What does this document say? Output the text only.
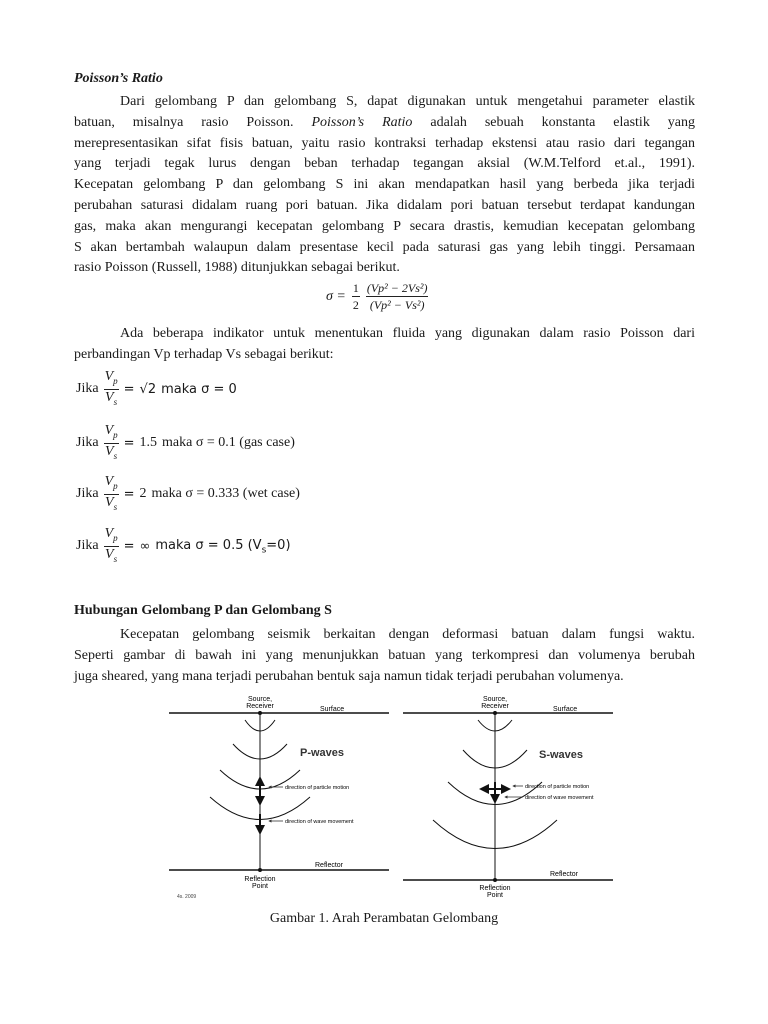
Poisson’s Ratio
Dari gelombang P dan gelombang S, dapat digunakan untuk mengetahui parameter elastik
batuan, misalnya rasio Poisson. Poisson’s Ratio adalah sebuah konstanta elastik yang
merepresentasikan sifat fisis batuan, yaitu rasio kontraksi terhadap ekstensi atau rasio dari tegangan
yang terjadi tegak lurus dengan beban terhadap tegangan aksial (W.M.Telford et.al., 1991).
Kecepatan gelombang P dan gelombang S ini akan mendapatkan hasil yang berbeda jika terjadi
perubahan saturasi didalam ruang pori batuan. Jika didalam pori batuan tersebut terdapat kandungan
gas, maka akan mengurangi kecepatan gelombang P secara drastis, kemudian kecepatan gelombang
S akan bertambah walaupun dalam presentase kecil pada saturasi gas yang lebih tinggi. Persamaan
rasio Poisson (Russell, 1988) ditunjukkan sebagai berikut.
$\sigma = \frac{1}{2} \frac{\text{(Vp² − 2Vs²)}}{\text{(Vp² − Vs²)}}$
Ada beberapa indikator untuk menentukan fluida yang digunakan dalam rasio Poisson dari
perbandingan Vp terhadap Vs sebagai berikut:
Jika $\frac{V_p}{V_s} = √2$ maka σ = 0
Jika $\frac{V_p}{V_s} = 1.5$ maka σ = 0.1 (gas case)
Jika $\frac{V_p}{V_s} = 2$ maka σ = 0.333 (wet case)
Jika $\frac{V_p}{V_s}$ = ∞ maka σ = 0.5 $(V_s=0)$
Hubungan Gelombang P dan Gelombang S
Kecepatan gelombang seismik berkaitan dengan deformasi batuan dalam fungsi waktu.
Seperti gambar di bawah ini yang menunjukkan batuan yang terkompresi dan volumenya berubah
juga sheared, yang mana terjadi perubahan bentuk saja namun tidak terjadi perubahan volumenya.
Source,
Receiver	Surface
P-waves
direction of particle motion
direction of wave movement
Reflector
Reflection
Point
4s. 2009
Source,
Receiver	Surface
S-waves
direction of particle motion
direction of wave movement
Reflector
Reflection
Point
Gambar 1. Arah Perambatan Gelombang
